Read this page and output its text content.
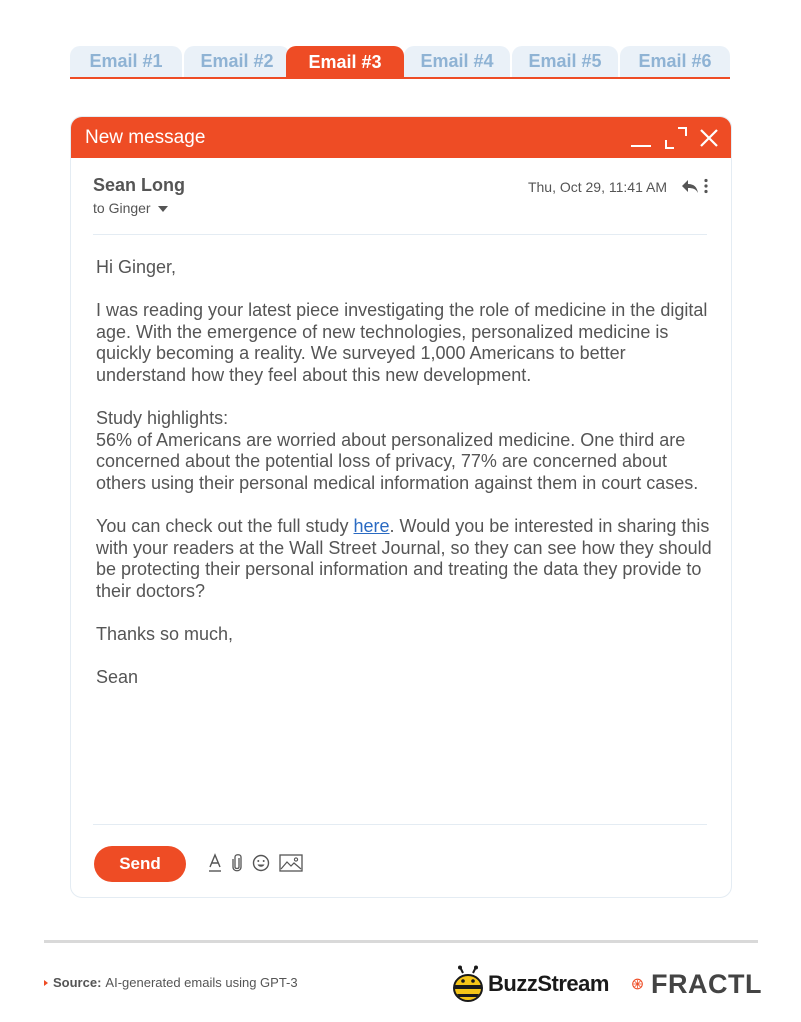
Email #1 Email #2 Email #3 Email #4 Email #5 Email #6
New message
Sean Long
to Ginger
Thu, Oct 29, 11:41 AM

Hi Ginger,

I was reading your latest piece investigating the role of medicine in the digital age. With the emergence of new technologies, personalized medicine is quickly becoming a reality. We surveyed 1,000 Americans to better understand how they feel about this new development.

Study highlights:
56% of Americans are worried about personalized medicine. One third are concerned about the potential loss of privacy, 77% are concerned about others using their personal medical information against them in court cases.

You can check out the full study here. Would you be interested in sharing this with your readers at the Wall Street Journal, so they can see how they should be protecting their personal information and treating the data they provide to their doctors?

Thanks so much,

Sean

Send
Source: AI-generated emails using GPT-3	BuzzStream FRACTL
